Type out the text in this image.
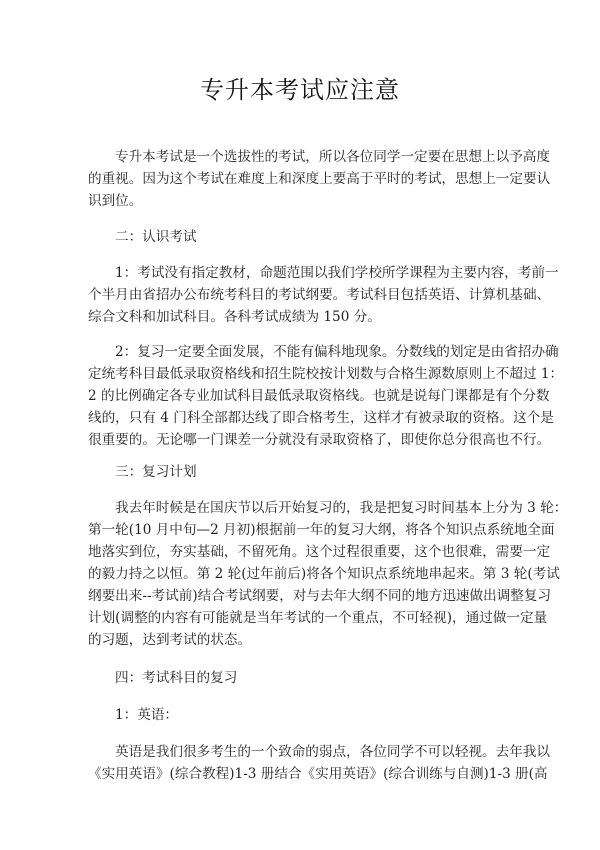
专升本考试应注意
专升本考试是一个选拔性的考试，所以各位同学一定要在思想上以予高度
的重视。因为这个考试在难度上和深度上要高于平时的考试，思想上一定要认
识到位。
二：认识考试
1：考试没有指定教材，命题范围以我们学校所学课程为主要内容，考前一
个半月由省招办公布统考科目的考试纲要。考试科目包括英语、计算机基础、
综合文科和加试科目。各科考试成绩为 150 分。
2：复习一定要全面发展，不能有偏科地现象。分数线的划定是由省招办确
定统考科目最低录取资格线和招生院校按计划数与合格生源数原则上不超过 1：
2 的比例确定各专业加试科目最低录取资格线。也就是说每门课都是有个分数
线的，只有 4 门科全部都达线了即合格考生，这样才有被录取的资格。这个是
很重要的。无论哪一门课差一分就没有录取资格了，即使你总分很高也不行。
三：复习计划
我去年时候是在国庆节以后开始复习的，我是把复习时间基本上分为 3 轮：
第一轮(10 月中旬—2 月初)根据前一年的复习大纲，将各个知识点系统地全面
地落实到位，夯实基础，不留死角。这个过程很重要，这个也很难，需要一定
的毅力持之以恒。第 2 轮(过年前后)将各个知识点系统地串起来。第 3 轮(考试
纲要出来--考试前)结合考试纲要，对与去年大纲不同的地方迅速做出调整复习
计划(调整的内容有可能就是当年考试的一个重点，不可轻视)，通过做一定量
的习题，达到考试的状态。
四：考试科目的复习
1：英语：
英语是我们很多考生的一个致命的弱点，各位同学不可以轻视。去年我以
《实用英语》(综合教程)1-3 册结合《实用英语》(综合训练与自测)1-3 册(高
